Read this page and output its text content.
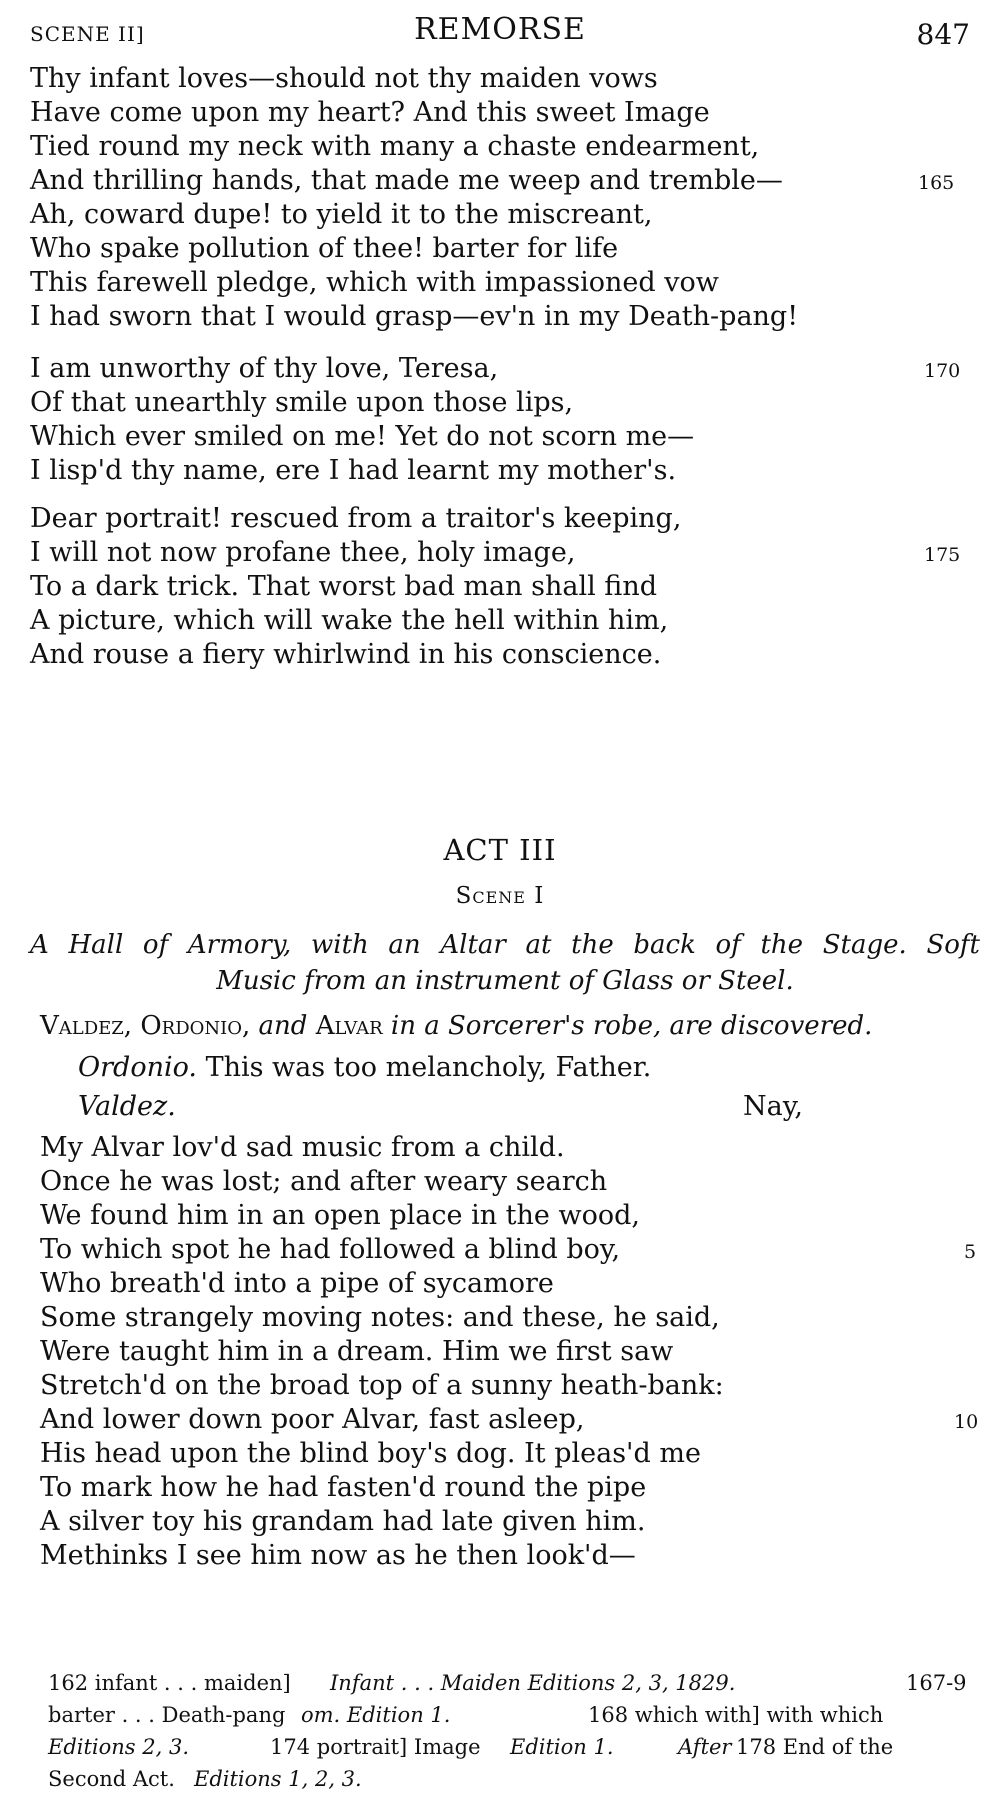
SCENE II]	REMORSE	847
Thy infant loves—should not thy maiden vows
Have come upon my heart? And this sweet Image
Tied round my neck with many a chaste endearment,
And thrilling hands, that made me weep and tremble—	165
Ah, coward dupe! to yield it to the miscreant,
Who spake pollution of thee! barter for life
This farewell pledge, which with impassioned vow
I had sworn that I would grasp—ev'n in my Death-pang!
I am unworthy of thy love, Teresa,	170
Of that unearthly smile upon those lips,
Which ever smiled on me! Yet do not scorn me—
I lisp'd thy name, ere I had learnt my mother's.
Dear portrait! rescued from a traitor's keeping,
I will not now profane thee, holy image,	175
To a dark trick. That worst bad man shall find
A picture, which will wake the hell within him,
And rouse a fiery whirlwind in his conscience.
ACT III
Scene I
A Hall of Armory, with an Altar at the back of the Stage. Soft
Music from an instrument of Glass or Steel.
Valdez, Ordonio, and Alvar in a Sorcerer's robe, are discovered.
Ordonio. This was too melancholy, Father.
Valdez.	Nay,
My Alvar lov'd sad music from a child.
Once he was lost; and after weary search
We found him in an open place in the wood,
To which spot he had followed a blind boy,	5
Who breath'd into a pipe of sycamore
Some strangely moving notes: and these, he said,
Were taught him in a dream. Him we first saw
Stretch'd on the broad top of a sunny heath-bank:
And lower down poor Alvar, fast asleep,	10
His head upon the blind boy's dog. It pleas'd me
To mark how he had fasten'd round the pipe
A silver toy his grandam had late given him.
Methinks I see him now as he then look'd—
162 infant . . . maiden] Infant . . . Maiden Editions 2, 3, 1829.	167-9
barter . . . Death-pang om. Edition 1.	168 which with] with which
Editions 2, 3.	174 portrait] Image Edition 1.	After 178 End of the
Second Act. Editions 1, 2, 3.
